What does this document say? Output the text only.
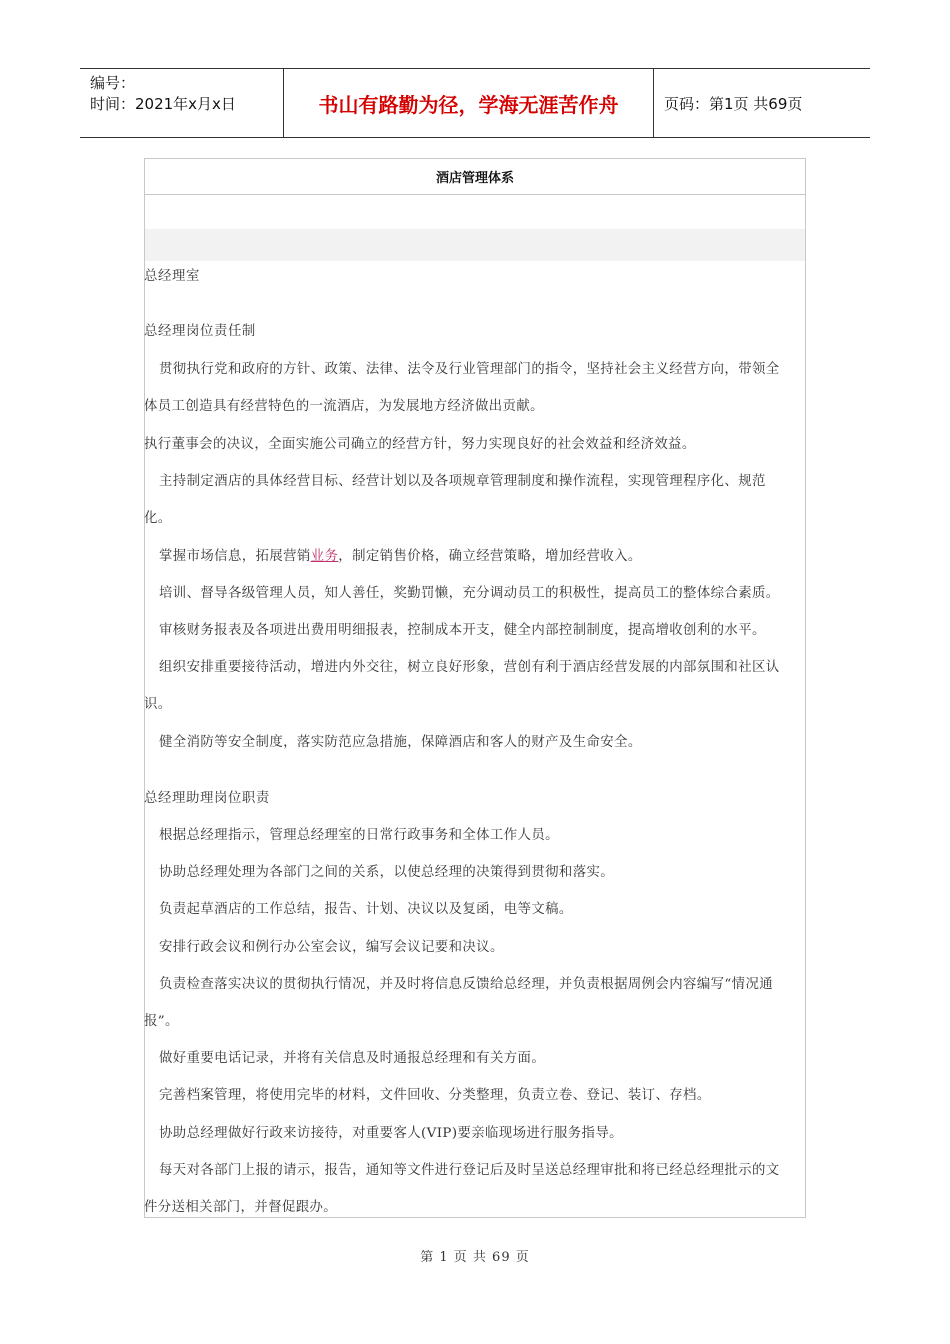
编号：
时间：2021年x月x日	书山有路勤为径，学海无涯苦作舟	页码：第1页 共69页
酒店管理体系
总经理室
总经理岗位责任制
贯彻执行党和政府的方针、政策、法律、法令及行业管理部门的指令，坚持社会主义经营方向，带领全
体员工创造具有经营特色的一流酒店，为发展地方经济做出贡献。
执行董事会的决议，全面实施公司确立的经营方针，努力实现良好的社会效益和经济效益。
主持制定酒店的具体经营目标、经营计划以及各项规章管理制度和操作流程，实现管理程序化、规范
化。
掌握市场信息，拓展营销业务，制定销售价格，确立经营策略，增加经营收入。
培训、督导各级管理人员，知人善任，奖勤罚懒，充分调动员工的积极性，提高员工的整体综合素质。
审核财务报表及各项进出费用明细报表，控制成本开支，健全内部控制制度，提高增收创利的水平。
组织安排重要接待活动，增进内外交往，树立良好形象，营创有利于酒店经营发展的内部氛围和社区认
识。
健全消防等安全制度，落实防范应急措施，保障酒店和客人的财产及生命安全。
总经理助理岗位职责
根据总经理指示，管理总经理室的日常行政事务和全体工作人员。
协助总经理处理为各部门之间的关系，以使总经理的决策得到贯彻和落实。
负责起草酒店的工作总结，报告、计划、决议以及复函，电等文稿。
安排行政会议和例行办公室会议，编写会议记要和决议。
负责检查落实决议的贯彻执行情况，并及时将信息反馈给总经理，并负责根据周例会内容编写“情况通
报”。
做好重要电话记录，并将有关信息及时通报总经理和有关方面。
完善档案管理，将使用完毕的材料，文件回收、分类整理，负责立卷、登记、装订、存档。
协助总经理做好行政来访接待，对重要客人(VIP)要亲临现场进行服务指导。
每天对各部门上报的请示，报告，通知等文件进行登记后及时呈送总经理审批和将已经总经理批示的文
件分送相关部门，并督促跟办。
第 1 页 共 69 页
